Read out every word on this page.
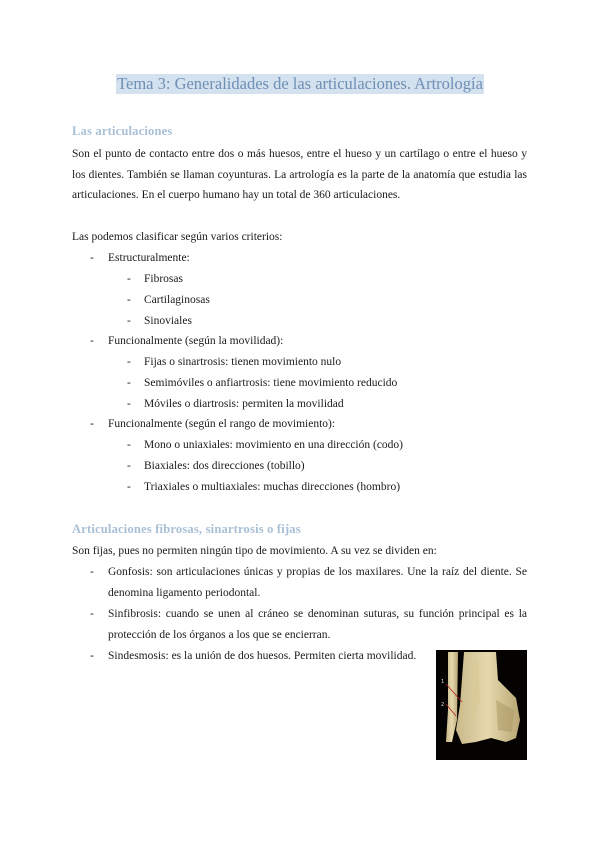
Tema 3: Generalidades de las articulaciones. Artrología
Las articulaciones
Son el punto de contacto entre dos o más huesos, entre el hueso y un cartílago o entre el hueso y los dientes. También se llaman coyunturas. La artrología es la parte de la anatomía que estudia las articulaciones. En el cuerpo humano hay un total de 360 articulaciones.
Las podemos clasificar según varios criterios:
- Estructuralmente:
- Fibrosas
- Cartilaginosas
- Sinoviales
- Funcionalmente (según la movilidad):
- Fijas o sinartrosis: tienen movimiento nulo
- Semimóviles o anfiartrosis: tiene movimiento reducido
- Móviles o diartrosis: permiten la movilidad
- Funcionalmente (según el rango de movimiento):
- Mono o uniaxiales: movimiento en una dirección (codo)
- Biaxiales: dos direcciones (tobillo)
- Triaxiales o multiaxiales: muchas direcciones (hombro)
Articulaciones fibrosas, sinartrosis o fijas
Son fijas, pues no permiten ningún tipo de movimiento. A su vez se dividen en:
- Gonfosis: son articulaciones únicas y propias de los maxilares. Une la raíz del diente. Se denomina ligamento periodontal.
- Sinfibrosis: cuando se unen al cráneo se denominan suturas, su función principal es la protección de los órganos a los que se encierran.
- Sindesmosis: es la unión de dos huesos. Permiten cierta movilidad.
1
2
